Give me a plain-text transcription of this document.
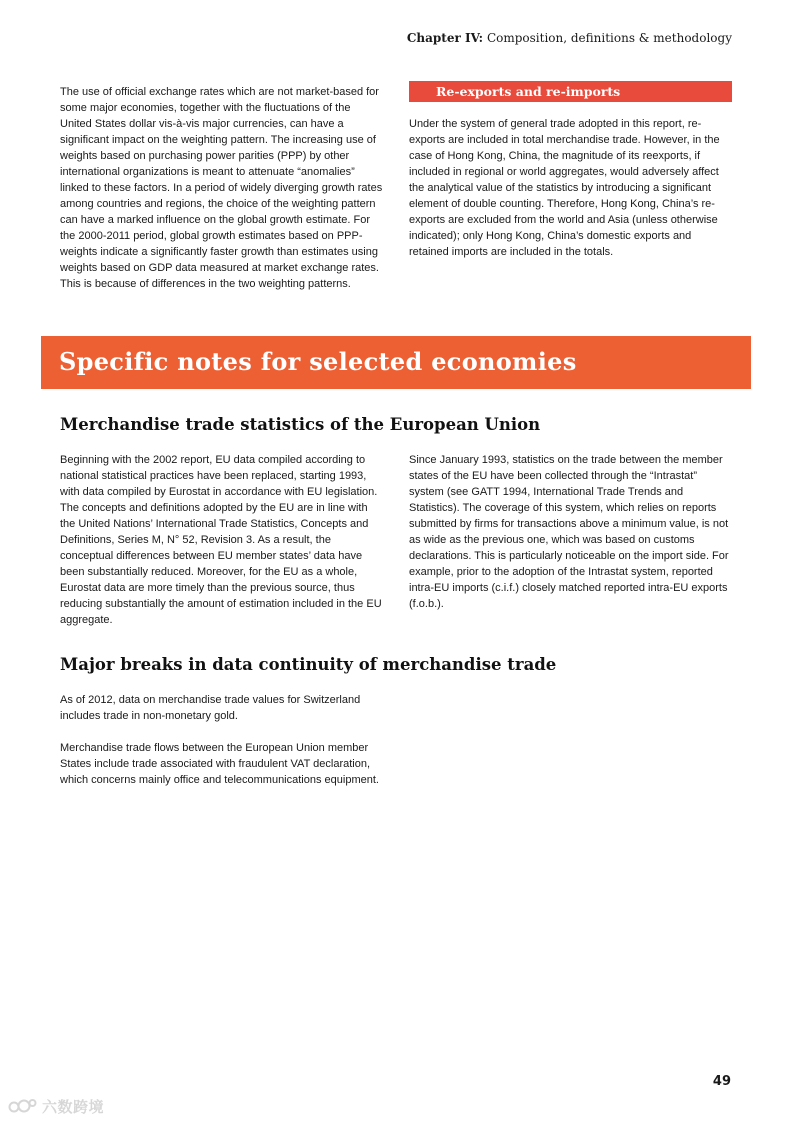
Chapter IV: Composition, definitions & methodology

The use of official exchange rates which are not market-based for some major economies, together with the fluctuations of the United States dollar vis-à-vis major currencies, can have a significant impact on the weighting pattern. The increasing use of weights based on purchasing power parities (PPP) by other international organizations is meant to attenuate “anomalies” linked to these factors. In a period of widely diverging growth rates among countries and regions, the choice of the weighting pattern can have a marked influence on the global growth estimate. For the 2000-2011 period, global growth estimates based on PPP-weights indicate a significantly faster growth than estimates using weights based on GDP data measured at market exchange rates. This is because of differences in the two weighting patterns.

Re-exports and re-imports

Under the system of general trade adopted in this report, re-exports are included in total merchandise trade. However, in the case of Hong Kong, China, the magnitude of its reexports, if included in regional or world aggregates, would adversely affect the analytical value of the statistics by introducing a significant element of double counting. Therefore, Hong Kong, China’s re-exports are excluded from the world and Asia (unless otherwise indicated); only Hong Kong, China’s domestic exports and retained imports are included in the totals.

Specific notes for selected economies
Merchandise trade statistics of the European Union

Beginning with the 2002 report, EU data compiled according to national statistical practices have been replaced, starting 1993, with data compiled by Eurostat in accordance with EU legislation. The concepts and definitions adopted by the EU are in line with the United Nations’ International Trade Statistics, Concepts and Definitions, Series M, N° 52, Revision 3. As a result, the conceptual differences between EU member states’ data have been substantially reduced. Moreover, for the EU as a whole, Eurostat data are more timely than the previous source, thus reducing substantially the amount of estimation included in the EU aggregate.

Since January 1993, statistics on the trade between the member states of the EU have been collected through the “Intrastat” system (see GATT 1994, International Trade Trends and Statistics). The coverage of this system, which relies on reports submitted by firms for transactions above a minimum value, is not as wide as the previous one, which was based on customs declarations. This is particularly noticeable on the import side. For example, prior to the adoption of the Intrastat system, reported intra-EU imports (c.i.f.) closely matched reported intra-EU exports (f.o.b.).

Major breaks in data continuity of merchandise trade

As of 2012, data on merchandise trade values for Switzerland includes trade in non-monetary gold.

Merchandise trade flows between the European Union member States include trade associated with fraudulent VAT declaration, which concerns mainly office and telecommunications equipment.

49
六数跨境
